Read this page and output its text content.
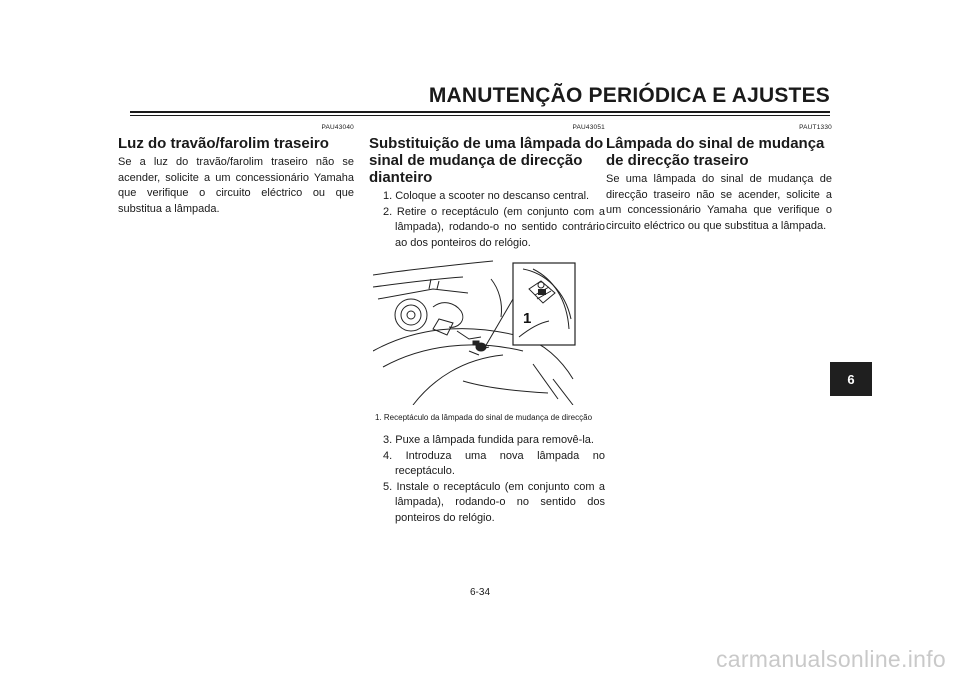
MANUTENÇÃO PERIÓDICA E AJUSTES
PAU43040
Luz do travão/farolim traseiro

Se a luz do travão/farolim traseiro não se acender, solicite a um concessionário Yamaha que verifique o circuito eléctrico ou que substitua a lâmpada.

PAU43051
Substituição de uma lâmpada do sinal de mudança de direcção dianteiro
1. Coloque a scooter no descanso central.
2. Retire o receptáculo (em conjunto com a lâmpada), rodando-o no sentido contrário ao dos ponteiros do relógio.
1
1. Receptáculo da lâmpada do sinal de mudança de direcção
3. Puxe a lâmpada fundida para removê-la.
4. Introduza uma nova lâmpada no receptáculo.
5. Instale o receptáculo (em conjunto com a lâmpada), rodando-o no sentido dos ponteiros do relógio.
PAUT1330
Lâmpada do sinal de mudança de direcção traseiro

Se uma lâmpada do sinal de mudança de direcção traseiro não se acender, solicite a um concessionário Yamaha que verifique o circuito eléctrico ou que substitua a lâmpada.

6-34
6
carmanualsonline.info
